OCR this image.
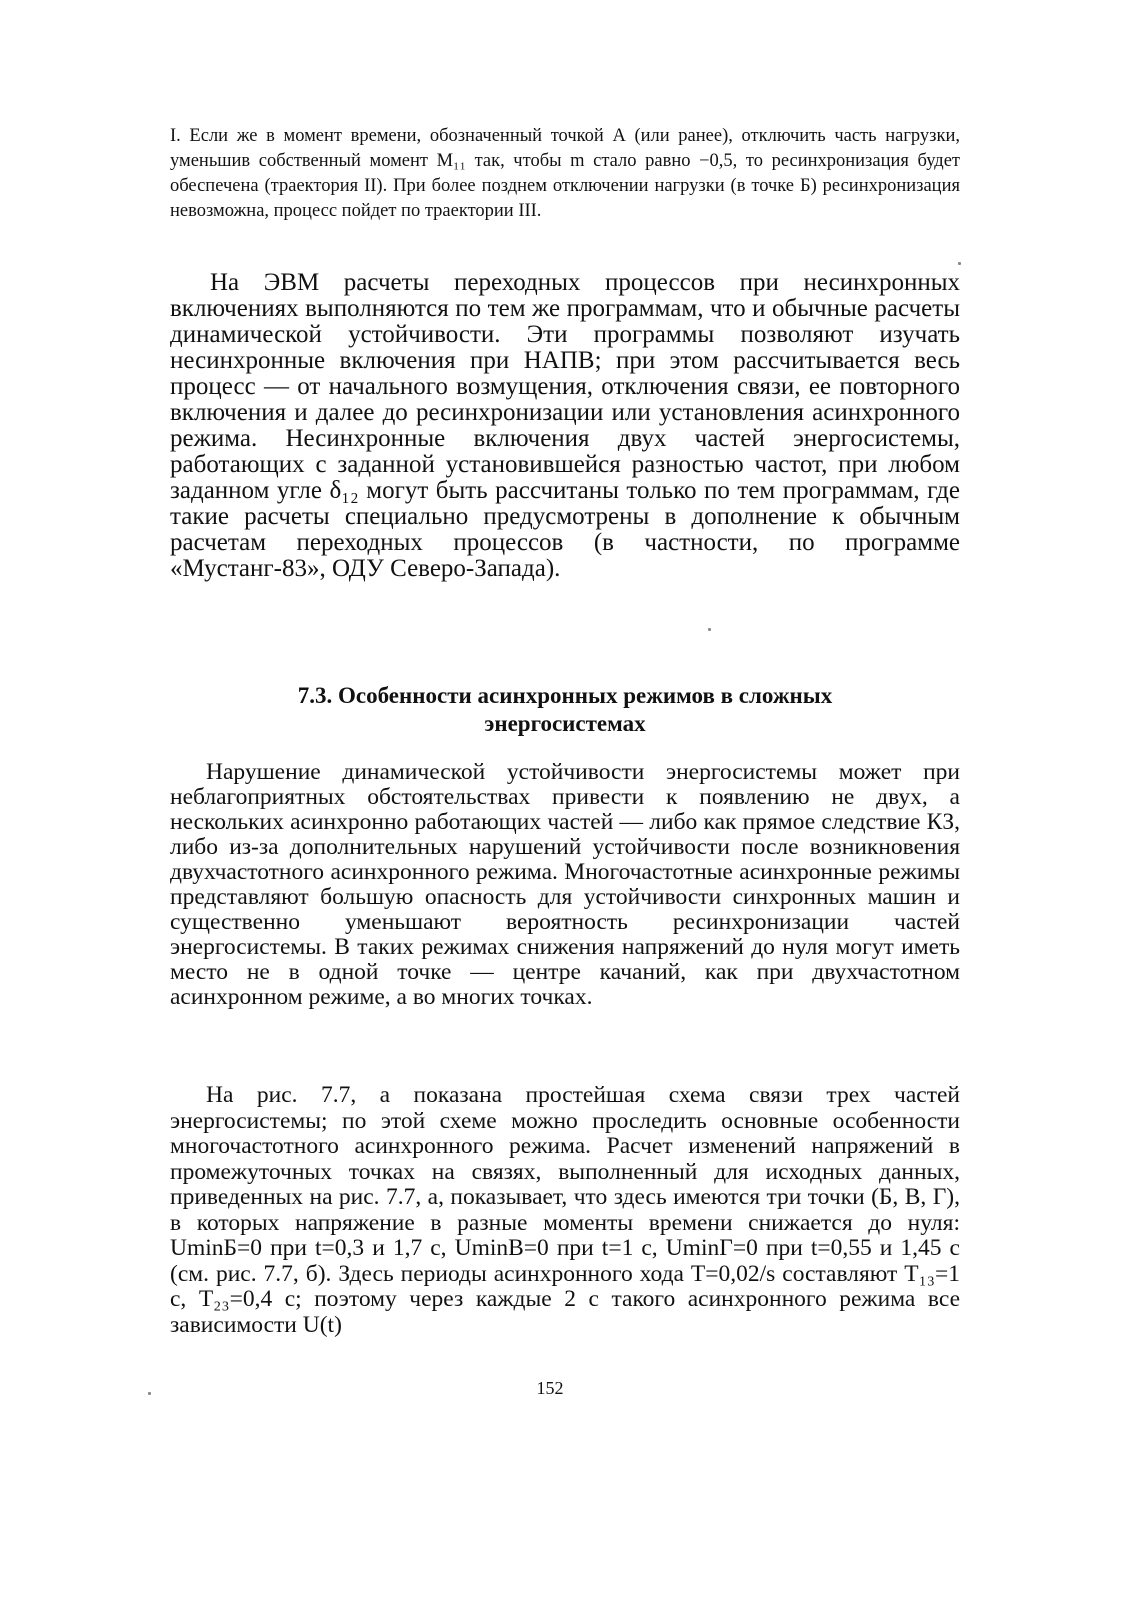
I. Если же в момент времени, обозначенный точкой А (или ранее), отключить часть нагрузки, уменьшив собственный момент M₁₁ так, чтобы m стало равно −0,5, то ресинхронизация будет обеспечена (траектория II). При более позднем отключении нагрузки (в точке Б) ресинхронизация невозможна, процесс пойдет по траектории III.

На ЭВМ расчеты переходных процессов при несинхронных включениях выполняются по тем же программам, что и обычные расчеты динамической устойчивости. Эти программы позволяют изучать несинхронные включения при НАПВ; при этом рассчитывается весь процесс — от начального возмущения, отключения связи, ее повторного включения и далее до ресинхронизации или установления асинхронного режима. Несинхронные включения двух частей энергосистемы, работающих с заданной установившейся разностью частот, при любом заданном угле δ₁₂ могут быть рассчитаны только по тем программам, где такие расчеты специально предусмотрены в дополнение к обычным расчетам переходных процессов (в частности, по программе «Мустанг-83», ОДУ Северо-Запада).

7.3. Особенности асинхронных режимов в сложных
энергосистемах

Нарушение динамической устойчивости энергосистемы может при неблагоприятных обстоятельствах привести к появлению не двух, а нескольких асинхронно работающих частей — либо как прямое следствие КЗ, либо из-за дополнительных нарушений устойчивости после возникновения двухчастотного асинхронного режима. Многочастотные асинхронные режимы представляют большую опасность для устойчивости синхронных машин и существенно уменьшают вероятность ресинхронизации частей энергосистемы. В таких режимах снижения напряжений до нуля могут иметь место не в одной точке — центре качаний, как при двухчастотном асинхронном режиме, а во многих точках.

На рис. 7.7, а показана простейшая схема связи трех частей энергосистемы; по этой схеме можно проследить основные особенности многочастотного асинхронного режима. Расчет изменений напряжений в промежуточных точках на связях, выполненный для исходных данных, приведенных на рис. 7.7, а, показывает, что здесь имеются три точки (Б, В, Г), в которых напряжение в разные моменты времени снижается до нуля: UminБ=0 при t=0,3 и 1,7 с, UminВ=0 при t=1 с, UminГ=0 при t=0,55 и 1,45 с (см. рис. 7.7, б). Здесь периоды асинхронного хода T=0,02/s составляют T₁₃=1 с, T₂₃=0,4 с; поэтому через каждые 2 с такого асинхронного режима все зависимости U(t)

152
